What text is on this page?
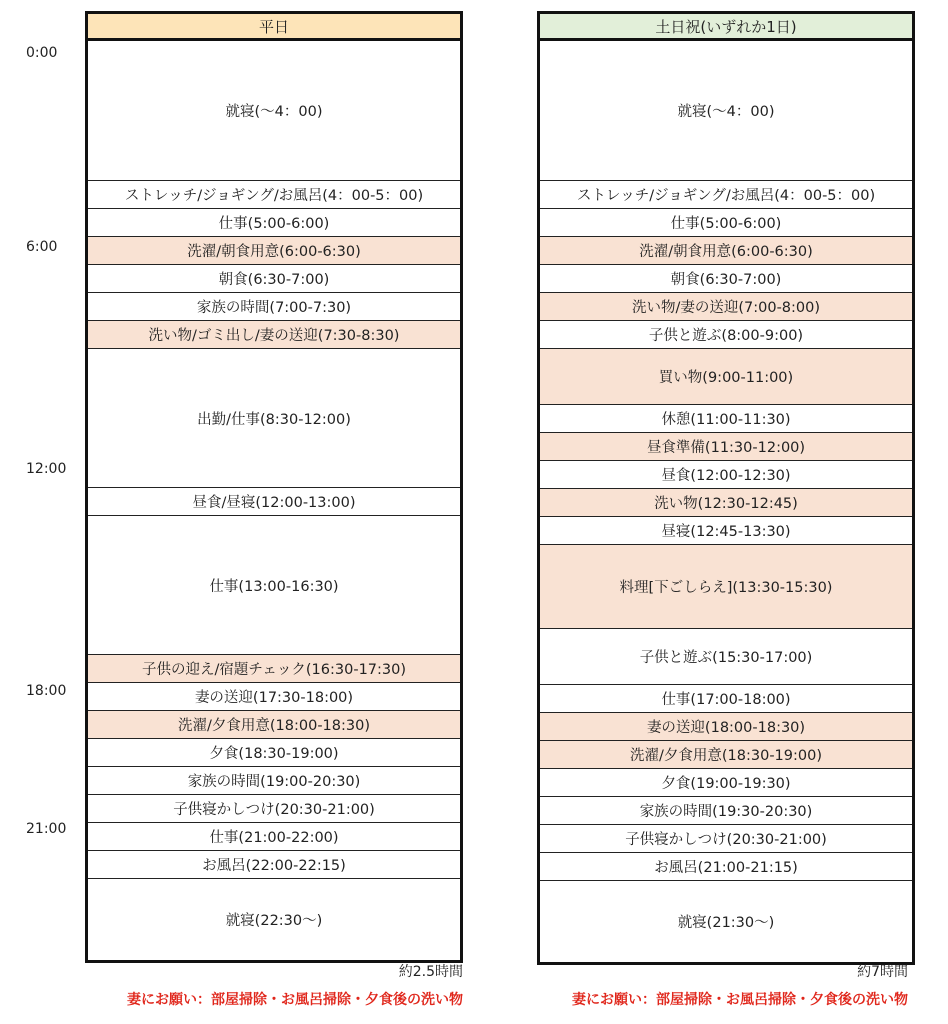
0:00
6:00
12:00
18:00
21:00
平日
就寝(〜4：00)
ストレッチ/ジョギング/お風呂(4：00-5：00)
仕事(5:00-6:00)
洗濯/朝食用意(6:00-6:30)
朝食(6:30-7:00)
家族の時間(7:00-7:30)
洗い物/ゴミ出し/妻の送迎(7:30-8:30)
出勤/仕事(8:30-12:00)
昼食/昼寝(12:00-13:00)
仕事(13:00-16:30)
子供の迎え/宿題チェック(16:30-17:30)
妻の送迎(17:30-18:00)
洗濯/夕食用意(18:00-18:30)
夕食(18:30-19:00)
家族の時間(19:00-20:30)
子供寝かしつけ(20:30-21:00)
仕事(21:00-22:00)
お風呂(22:00-22:15)
就寝(22:30〜)
土日祝(いずれか1日)
就寝(〜4：00)
ストレッチ/ジョギング/お風呂(4：00-5：00)
仕事(5:00-6:00)
洗濯/朝食用意(6:00-6:30)
朝食(6:30-7:00)
洗い物/妻の送迎(7:00-8:00)
子供と遊ぶ(8:00-9:00)
買い物(9:00-11:00)
休憩(11:00-11:30)
昼食準備(11:30-12:00)
昼食(12:00-12:30)
洗い物(12:30-12:45)
昼寝(12:45-13:30)
料理[下ごしらえ](13:30-15:30)
子供と遊ぶ(15:30-17:00)
仕事(17:00-18:00)
妻の送迎(18:00-18:30)
洗濯/夕食用意(18:30-19:00)
夕食(19:00-19:30)
家族の時間(19:30-20:30)
子供寝かしつけ(20:30-21:00)
お風呂(21:00-21:15)
就寝(21:30〜)
約2.5時間	約7時間
妻にお願い：部屋掃除・お風呂掃除・夕食後の洗い物	妻にお願い：部屋掃除・お風呂掃除・夕食後の洗い物
